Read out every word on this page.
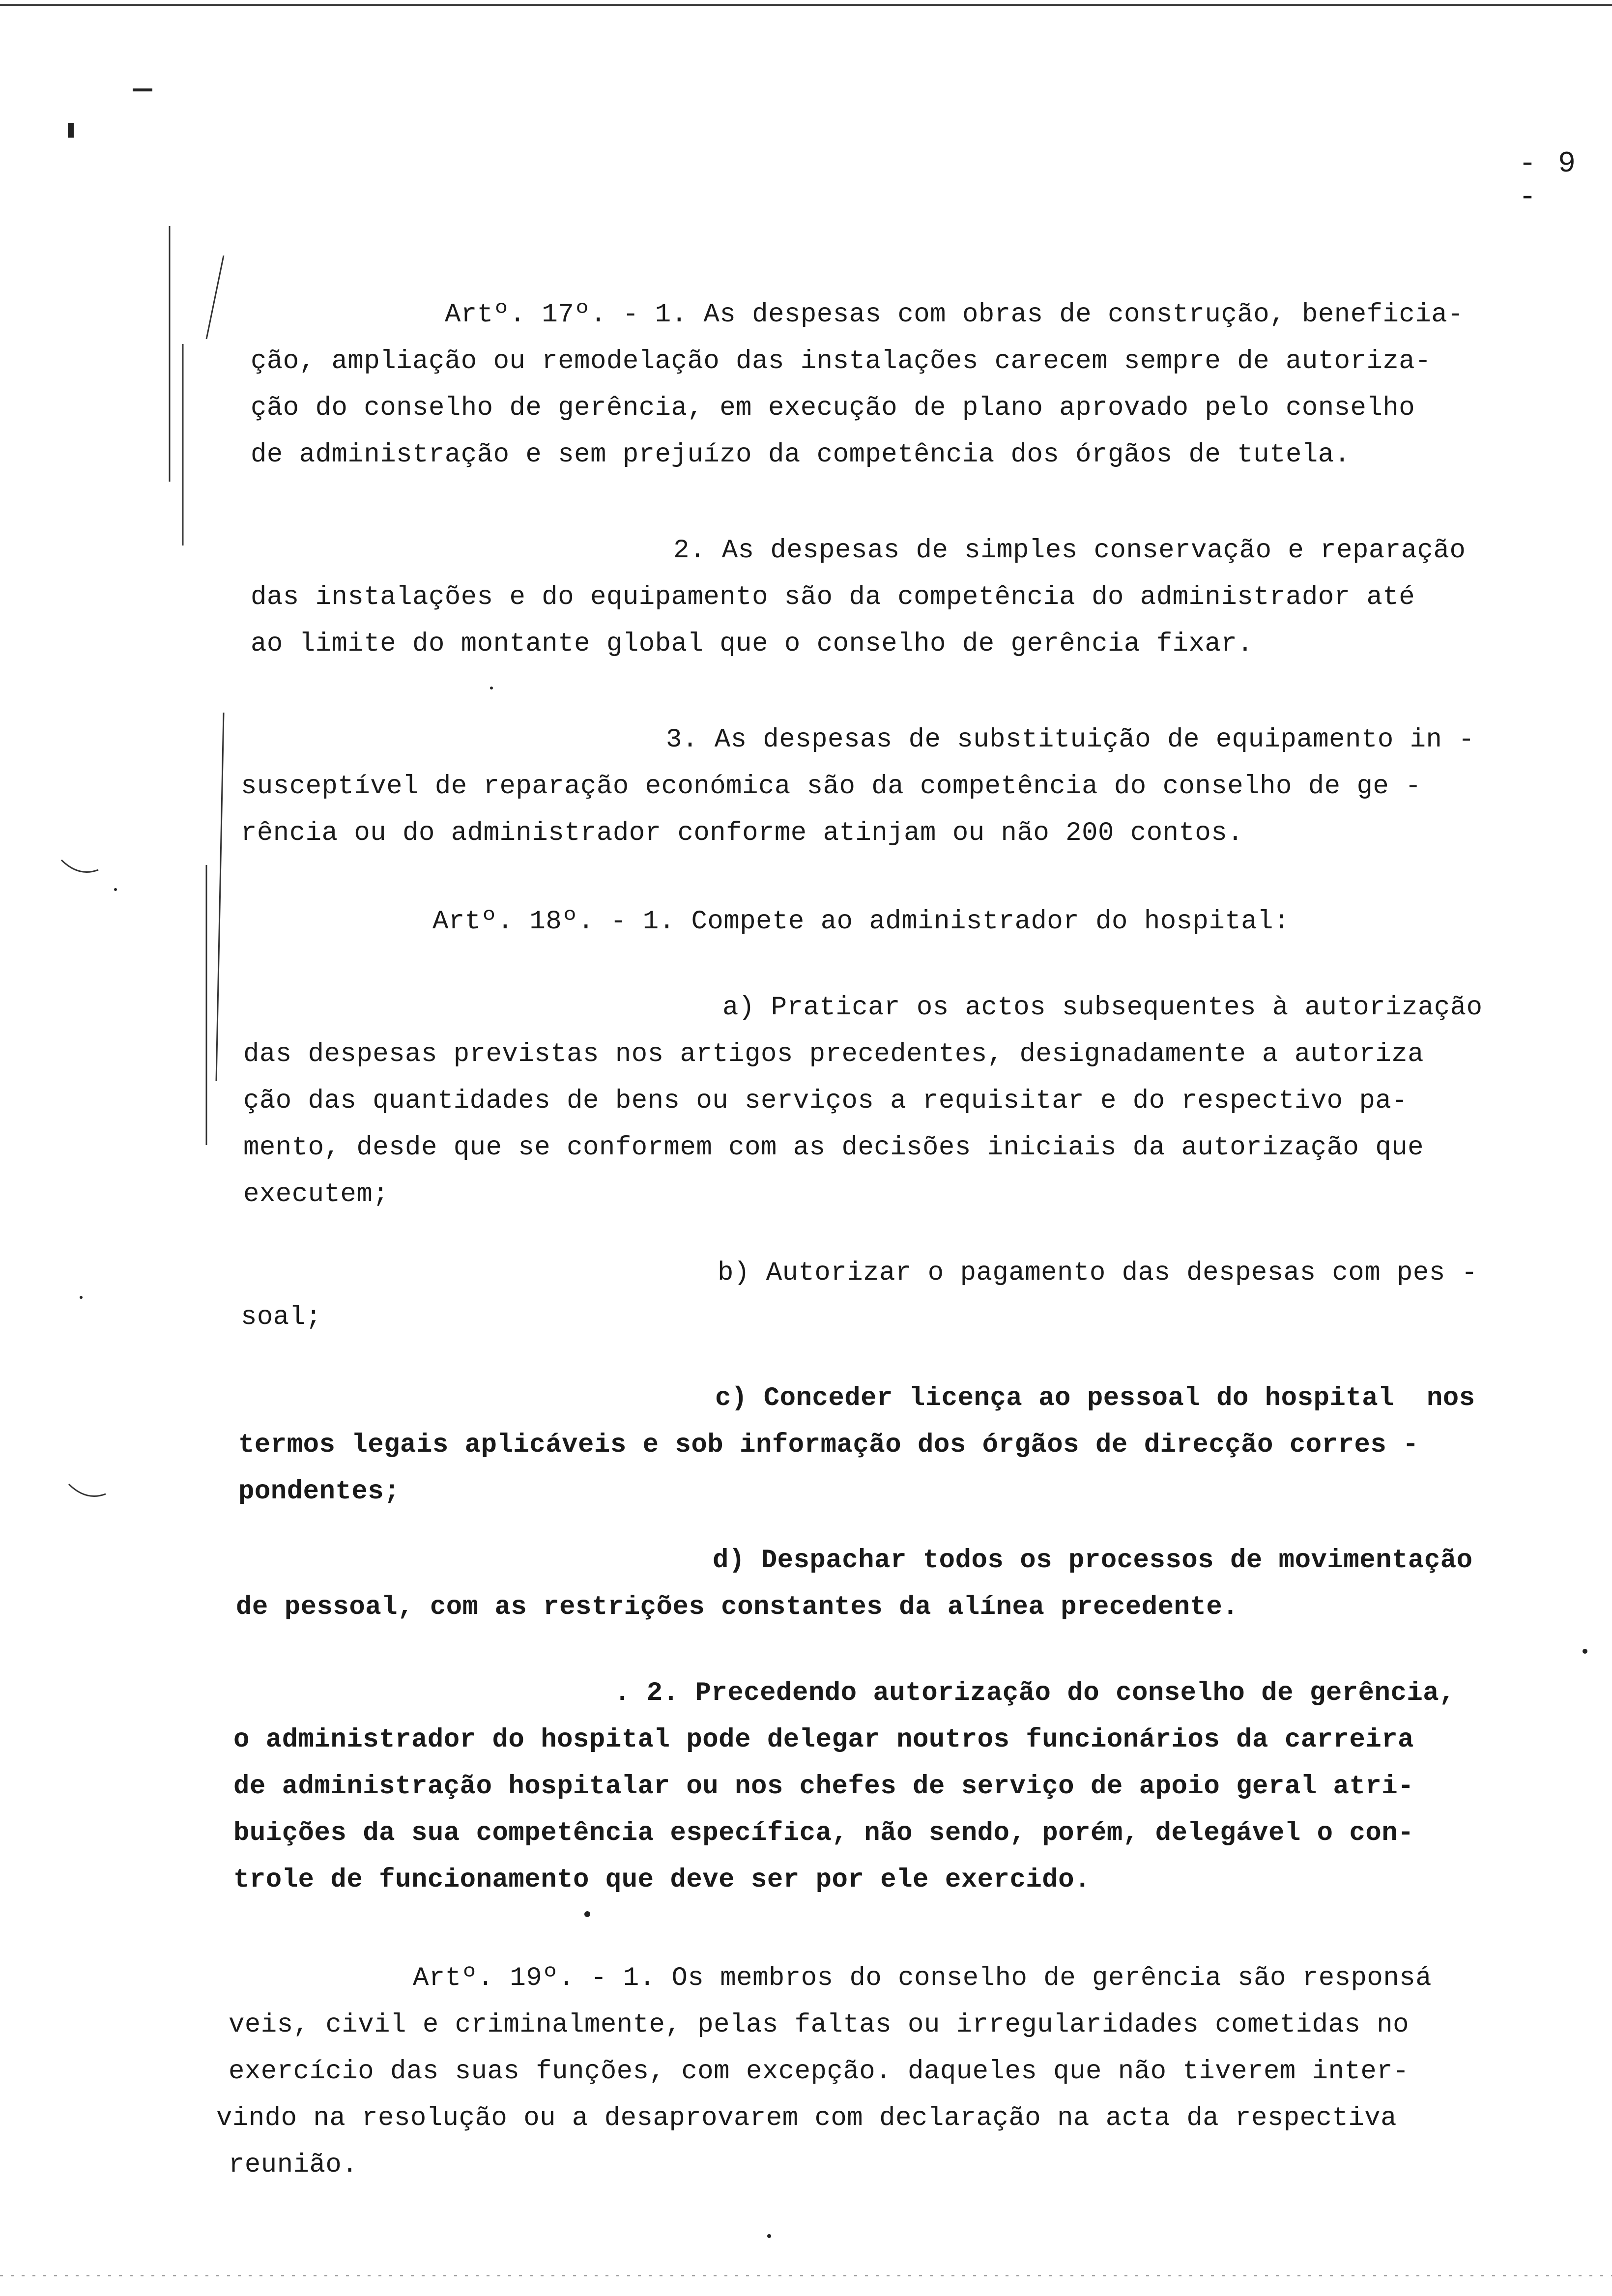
- 9 -
Artº. 17º. - 1. As despesas com obras de construção, beneficia-
ção, ampliação ou remodelação das instalações carecem sempre de autoriza-
ção do conselho de gerência, em execução de plano aprovado pelo conselho
de administração e sem prejuízo da competência dos órgãos de tutela.
2. As despesas de simples conservação e reparação
das instalações e do equipamento são da competência do administrador até
ao limite do montante global que o conselho de gerência fixar.
3. As despesas de substituição de equipamento in -
susceptível de reparação económica são da competência do conselho de ge -
rência ou do administrador conforme atinjam ou não 200 contos.
Artº. 18º. - 1. Compete ao administrador do hospital:
a) Praticar os actos subsequentes à autorização
das despesas previstas nos artigos precedentes, designadamente a autoriza
ção das quantidades de bens ou serviços a requisitar e do respectivo pa-
mento, desde que se conformem com as decisões iniciais da autorização que
executem;
b) Autorizar o pagamento das despesas com pes -
soal;
c) Conceder licença ao pessoal do hospital  nos
termos legais aplicáveis e sob informação dos órgãos de direcção corres -
pondentes;
d) Despachar todos os processos de movimentação
de pessoal, com as restrições constantes da alínea precedente.
. 2. Precedendo autorização do conselho de gerência,
o administrador do hospital pode delegar noutros funcionários da carreira
de administração hospitalar ou nos chefes de serviço de apoio geral atri-
buições da sua competência específica, não sendo, porém, delegável o con-
trole de funcionamento que deve ser por ele exercido.
Artº. 19º. - 1. Os membros do conselho de gerência são responsá
veis, civil e criminalmente, pelas faltas ou irregularidades cometidas no
exercício das suas funções, com excepção. daqueles que não tiverem inter-
vindo na resolução ou a desaprovarem com declaração na acta da respectiva
reunião.
